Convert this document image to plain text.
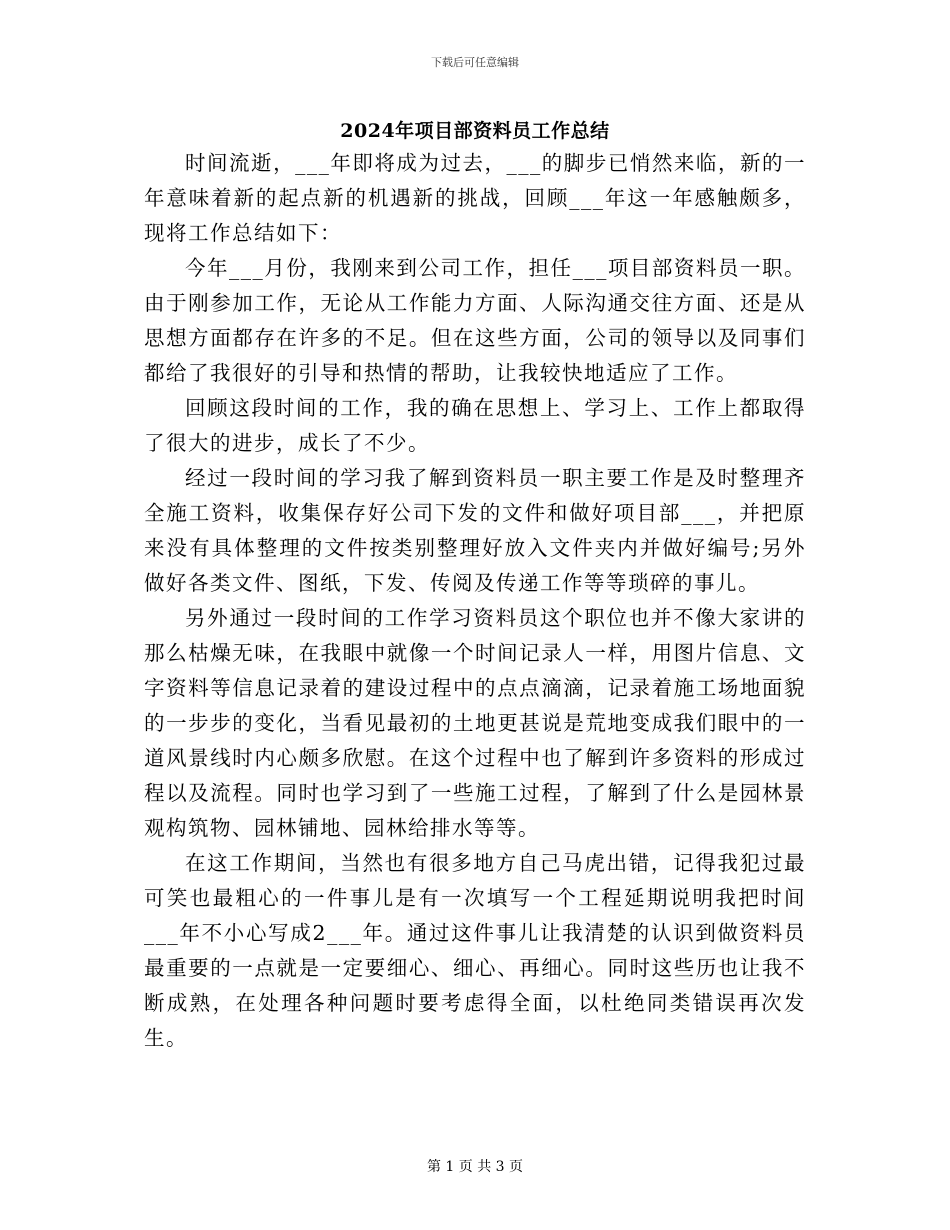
下载后可任意编辑
2024年项目部资料员工作总结

时间流逝，___年即将成为过去，___的脚步已悄然来临，新的一年意味着新的起点新的机遇新的挑战，回顾___年这一年感触颇多，现将工作总结如下：

今年___月份，我刚来到公司工作，担任___项目部资料员一职。由于刚参加工作，无论从工作能力方面、人际沟通交往方面、还是从思想方面都存在许多的不足。但在这些方面，公司的领导以及同事们都给了我很好的引导和热情的帮助，让我较快地适应了工作。

回顾这段时间的工作，我的确在思想上、学习上、工作上都取得了很大的进步，成长了不少。

经过一段时间的学习我了解到资料员一职主要工作是及时整理齐全施工资料，收集保存好公司下发的文件和做好项目部___，并把原来没有具体整理的文件按类别整理好放入文件夹内并做好编号;另外做好各类文件、图纸，下发、传阅及传递工作等等琐碎的事儿。

另外通过一段时间的工作学习资料员这个职位也并不像大家讲的那么枯燥无味，在我眼中就像一个时间记录人一样，用图片信息、文字资料等信息记录着的建设过程中的点点滴滴，记录着施工场地面貌的一步步的变化，当看见最初的土地更甚说是荒地变成我们眼中的一道风景线时内心颇多欣慰。在这个过程中也了解到许多资料的形成过程以及流程。同时也学习到了一些施工过程，了解到了什么是园林景观构筑物、园林铺地、园林给排水等等。

在这工作期间，当然也有很多地方自己马虎出错，记得我犯过最可笑也最粗心的一件事儿是有一次填写一个工程延期说明我把时间___年不小心写成2___年。通过这件事儿让我清楚的认识到做资料员最重要的一点就是一定要细心、细心、再细心。同时这些历也让我不断成熟，在处理各种问题时要考虑得全面，以杜绝同类错误再次发生。

第 1 页 共 3 页
